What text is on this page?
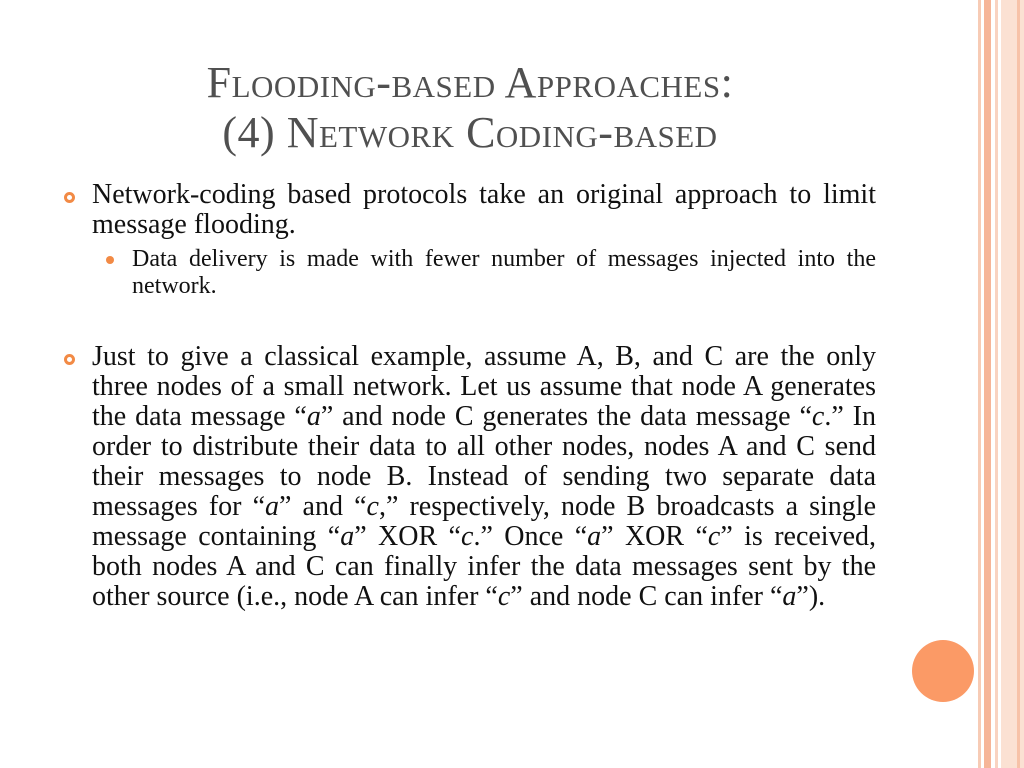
Flooding-based Approaches:
(4) Network Coding-based
Network-coding based protocols take an original approach to limit message flooding.
Data delivery is made with fewer number of messages injected into the network.
Just to give a classical example, assume A, B, and C are the only three nodes of a small network. Let us assume that node A generates the data message “a” and node C generates the data message “c.” In order to distribute their data to all other nodes, nodes A and C send their messages to node B. Instead of sending two separate data messages for “a” and “c,” respectively, node B broadcasts a single message containing “a” XOR “c.” Once “a” XOR “c” is received, both nodes A and C can finally infer the data messages sent by the other source (i.e., node A can infer “c” and node C can infer “a”).
